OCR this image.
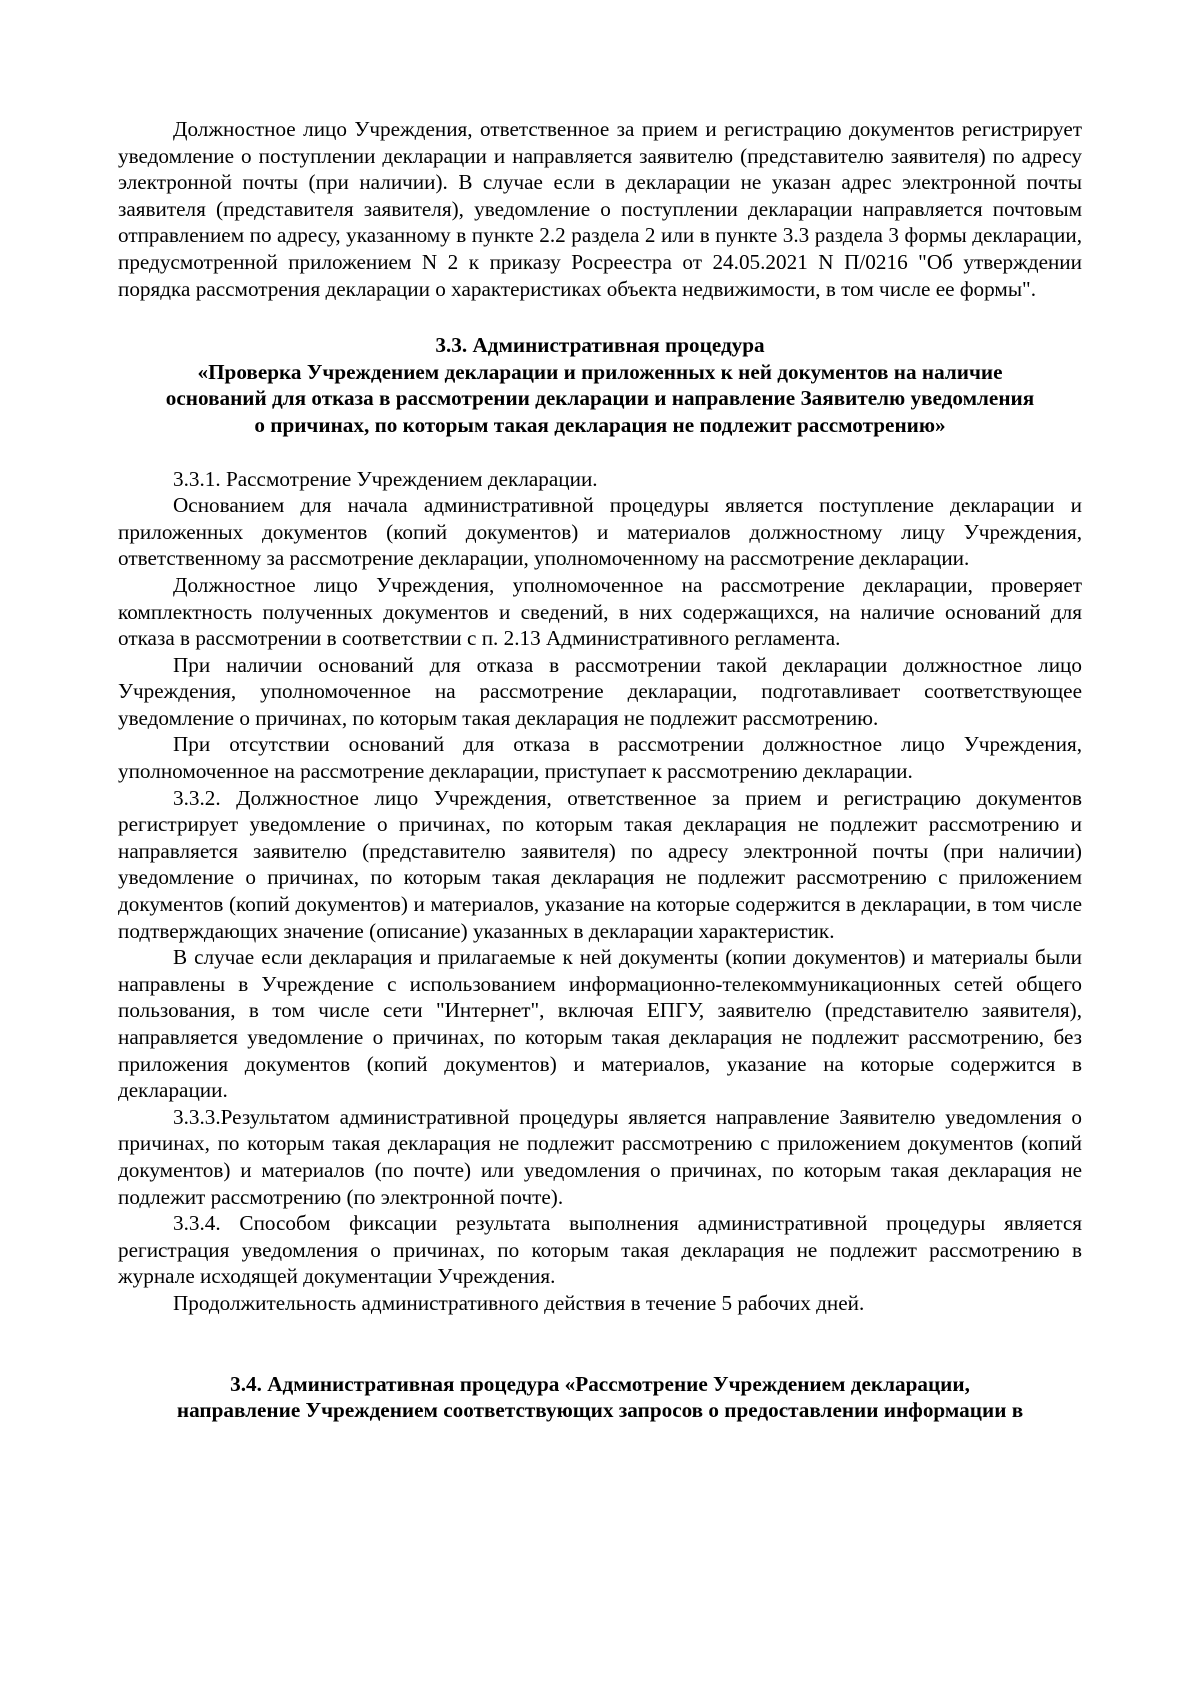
Должностное лицо Учреждения, ответственное за прием и регистрацию документов регистрирует уведомление о поступлении декларации и направляется заявителю (представителю заявителя) по адресу электронной почты (при наличии). В случае если в декларации не указан адрес электронной почты заявителя (представителя заявителя), уведомление о поступлении декларации направляется почтовым отправлением по адресу, указанному в пункте 2.2 раздела 2 или в пункте 3.3 раздела 3 формы декларации, предусмотренной приложением N 2 к приказу Росреестра от 24.05.2021 N П/0216 "Об утверждении порядка рассмотрения декларации о характеристиках объекта недвижимости, в том числе ее формы".

3.3. Административная процедура
«Проверка Учреждением декларации и приложенных к ней документов на наличие
оснований для отказа в рассмотрении декларации и направление Заявителю уведомления
о причинах, по которым такая декларация не подлежит рассмотрению»

3.3.1. Рассмотрение Учреждением декларации.

Основанием для начала административной процедуры является поступление декларации и приложенных документов (копий документов) и материалов должностному лицу Учреждения, ответственному за рассмотрение декларации, уполномоченному на рассмотрение декларации.

Должностное лицо Учреждения, уполномоченное на рассмотрение декларации, проверяет комплектность полученных документов и сведений, в них содержащихся, на наличие оснований для отказа в рассмотрении в соответствии с п. 2.13 Административного регламента.

При наличии оснований для отказа в рассмотрении такой декларации должностное лицо Учреждения, уполномоченное на рассмотрение декларации, подготавливает соответствующее уведомление о причинах, по которым такая декларация не подлежит рассмотрению.

При отсутствии оснований для отказа в рассмотрении должностное лицо Учреждения, уполномоченное на рассмотрение декларации, приступает к рассмотрению декларации.

3.3.2. Должностное лицо Учреждения, ответственное за прием и регистрацию документов регистрирует уведомление о причинах, по которым такая декларация не подлежит рассмотрению и направляется заявителю (представителю заявителя) по адресу электронной почты (при наличии) уведомление о причинах, по которым такая декларация не подлежит рассмотрению с приложением документов (копий документов) и материалов, указание на которые содержится в декларации, в том числе подтверждающих значение (описание) указанных в декларации характеристик.

В случае если декларация и прилагаемые к ней документы (копии документов) и материалы были направлены в Учреждение с использованием информационно-телекоммуникационных сетей общего пользования, в том числе сети "Интернет", включая ЕПГУ, заявителю (представителю заявителя), направляется уведомление о причинах, по которым такая декларация не подлежит рассмотрению, без приложения документов (копий документов) и материалов, указание на которые содержится в декларации.

3.3.3.Результатом административной процедуры является направление Заявителю уведомления о причинах, по которым такая декларация не подлежит рассмотрению с приложением документов (копий документов) и материалов (по почте) или уведомления о причинах, по которым такая декларация не подлежит рассмотрению (по электронной почте).

3.3.4. Способом фиксации результата выполнения административной процедуры является регистрация уведомления о причинах, по которым такая декларация не подлежит рассмотрению в журнале исходящей документации Учреждения.

Продолжительность административного действия в течение 5 рабочих дней.

3.4. Административная процедура «Рассмотрение Учреждением декларации,
направление Учреждением соответствующих запросов о предоставлении информации в
